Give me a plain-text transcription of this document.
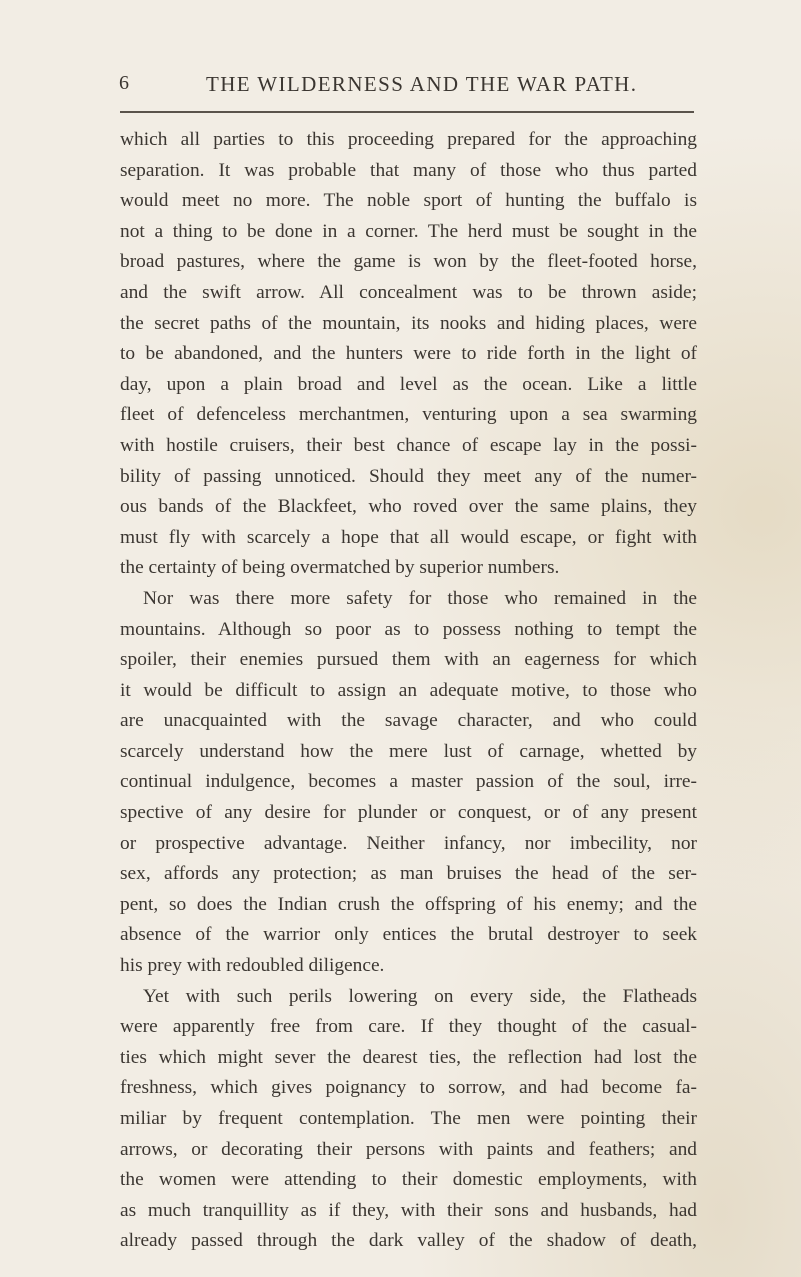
6	THE WILDERNESS AND THE WAR PATH.
which all parties to this proceeding prepared for the approaching
separation. It was probable that many of those who thus parted
would meet no more. The noble sport of hunting the buffalo is
not a thing to be done in a corner. The herd must be sought in the
broad pastures, where the game is won by the fleet-footed horse,
and the swift arrow. All concealment was to be thrown aside;
the secret paths of the mountain, its nooks and hiding places, were
to be abandoned, and the hunters were to ride forth in the light of
day, upon a plain broad and level as the ocean. Like a little
fleet of defenceless merchantmen, venturing upon a sea swarming
with hostile cruisers, their best chance of escape lay in the possi-
bility of passing unnoticed. Should they meet any of the numer-
ous bands of the Blackfeet, who roved over the same plains, they
must fly with scarcely a hope that all would escape, or fight with
the certainty of being overmatched by superior numbers.
Nor was there more safety for those who remained in the
mountains. Although so poor as to possess nothing to tempt the
spoiler, their enemies pursued them with an eagerness for which
it would be difficult to assign an adequate motive, to those who
are unacquainted with the savage character, and who could
scarcely understand how the mere lust of carnage, whetted by
continual indulgence, becomes a master passion of the soul, irre-
spective of any desire for plunder or conquest, or of any present
or prospective advantage. Neither infancy, nor imbecility, nor
sex, affords any protection; as man bruises the head of the ser-
pent, so does the Indian crush the offspring of his enemy; and the
absence of the warrior only entices the brutal destroyer to seek
his prey with redoubled diligence.
Yet with such perils lowering on every side, the Flatheads
were apparently free from care. If they thought of the casual-
ties which might sever the dearest ties, the reflection had lost the
freshness, which gives poignancy to sorrow, and had become fa-
miliar by frequent contemplation. The men were pointing their
arrows, or decorating their persons with paints and feathers; and
the women were attending to their domestic employments, with
as much tranquillity as if they, with their sons and husbands, had
already passed through the dark valley of the shadow of death,
